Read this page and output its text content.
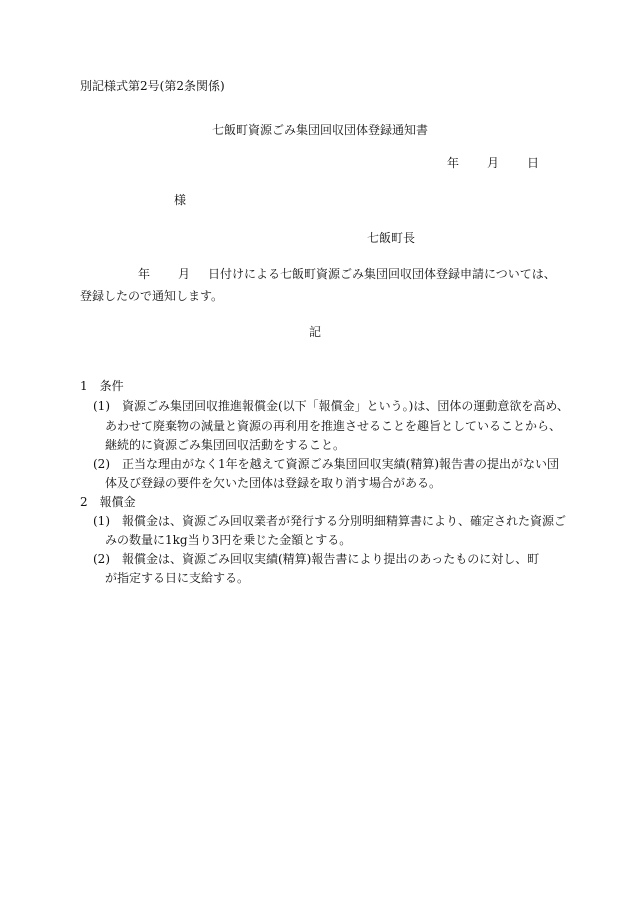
別記様式第2号(第2条関係)
七飯町資源ごみ集団回収団体登録通知書
年 月 日
様
七飯町長
年 月 日付けによる七飯町資源ごみ集団回収団体登録申請については、
登録したので通知します。
記
1　条件
(1)　資源ごみ集団回収推進報償金(以下「報償金」という。)は、団体の運動意欲を高め、
あわせて廃棄物の減量と資源の再利用を推進させることを趣旨としていることから、
継続的に資源ごみ集団回収活動をすること。
(2)　正当な理由がなく1年を越えて資源ごみ集団回収実績(精算)報告書の提出がない団
体及び登録の要件を欠いた団体は登録を取り消す場合がある。
2　報償金
(1)　報償金は、資源ごみ回収業者が発行する分別明細精算書により、確定された資源ご
みの数量に1kg当り3円を乗じた金額とする。
(2)　報償金は、資源ごみ回収実績(精算)報告書により提出のあったものに対し、町
が指定する日に支給する。
